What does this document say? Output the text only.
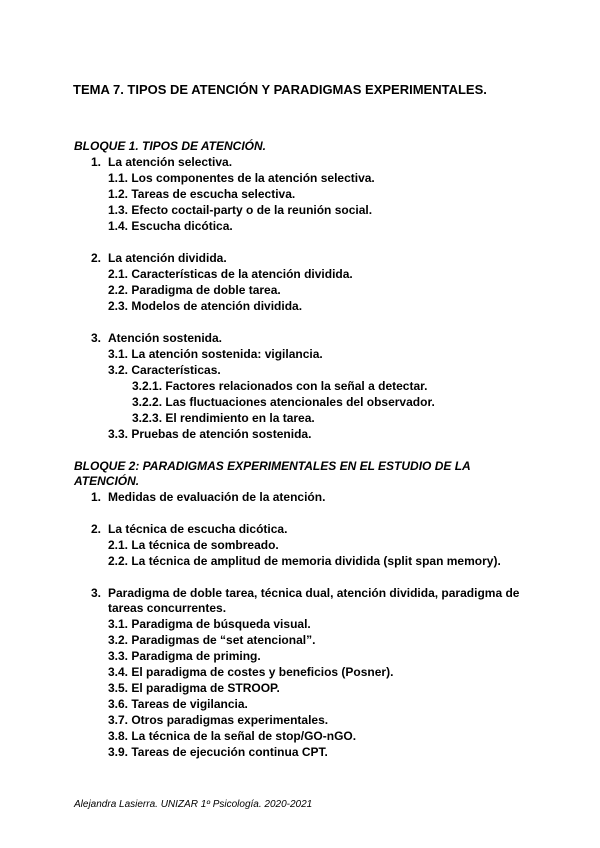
TEMA 7. TIPOS DE ATENCIÓN Y PARADIGMAS EXPERIMENTALES.

BLOQUE 1. TIPOS DE ATENCIÓN.

1. La atención selectiva.

1.1. Los componentes de la atención selectiva.

1.2. Tareas de escucha selectiva.

1.3. Efecto coctail-party o de la reunión social.

1.4. Escucha dicótica.

2. La atención dividida.

2.1. Características de la atención dividida.

2.2. Paradigma de doble tarea.

2.3. Modelos de atención dividida.

3. Atención sostenida.

3.1. La atención sostenida: vigilancia.

3.2. Características.

3.2.1. Factores relacionados con la señal a detectar.

3.2.2. Las fluctuaciones atencionales del observador.

3.2.3. El rendimiento en la tarea.

3.3. Pruebas de atención sostenida.

BLOQUE 2: PARADIGMAS EXPERIMENTALES EN EL ESTUDIO DE LA

ATENCIÓN.

1. Medidas de evaluación de la atención.

2. La técnica de escucha dicótica.

2.1. La técnica de sombreado.

2.2. La técnica de amplitud de memoria dividida (split span memory).

3. Paradigma de doble tarea, técnica dual, atención dividida, paradigma de

tareas concurrentes.

3.1. Paradigma de búsqueda visual.

3.2. Paradigmas de “set atencional”.

3.3. Paradigma de priming.

3.4. El paradigma de costes y beneficios (Posner).

3.5. El paradigma de STROOP.

3.6. Tareas de vigilancia.

3.7. Otros paradigmas experimentales.

3.8. La técnica de la señal de stop/GO-nGO.

3.9. Tareas de ejecución continua CPT.

Alejandra Lasierra. UNIZAR 1º Psicología. 2020-2021
